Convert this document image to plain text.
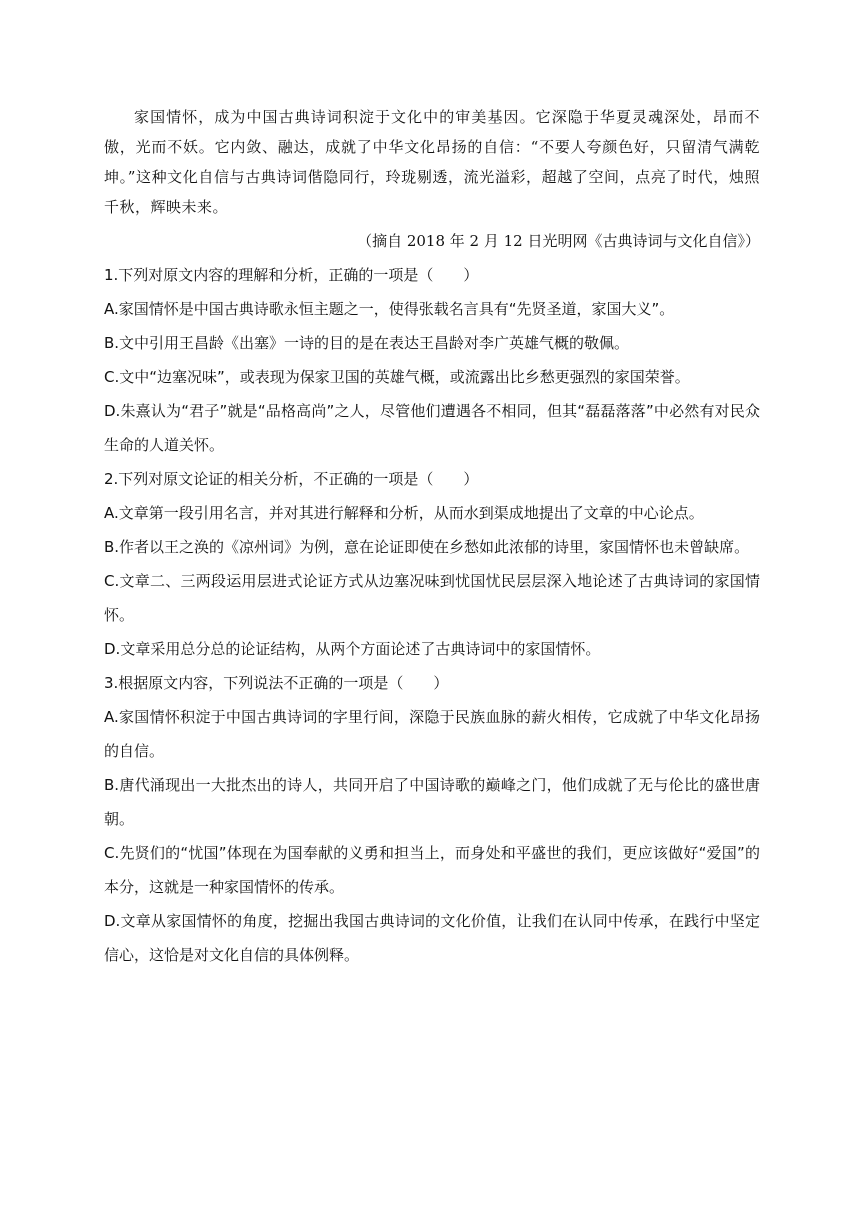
家国情怀，成为中国古典诗词积淀于文化中的审美基因。它深隐于华夏灵魂深处，昂而不傲，光而不妖。它内敛、融达，成就了中华文化昂扬的自信：“不要人夸颜色好，只留清气满乾坤。”这种文化自信与古典诗词偕隐同行，玲珑剔透，流光溢彩，超越了空间，点亮了时代，烛照千秋，辉映未来。

（摘自 2018 年 2 月 12 日光明网《古典诗词与文化自信》）

1.下列对原文内容的理解和分析，正确的一项是（　　）

A.家国情怀是中国古典诗歌永恒主题之一，使得张载名言具有“先贤圣道，家国大义”。

B.文中引用王昌龄《出塞》一诗的目的是在表达王昌龄对李广英雄气概的敬佩。

C.文中“边塞况味”，或表现为保家卫国的英雄气概，或流露出比乡愁更强烈的家国荣誉。

D.朱熹认为“君子”就是“品格高尚”之人，尽管他们遭遇各不相同，但其“磊磊落落”中必然有对民众生命的人道关怀。

2.下列对原文论证的相关分析，不正确的一项是（　　）

A.文章第一段引用名言，并对其进行解释和分析，从而水到渠成地提出了文章的中心论点。

B.作者以王之涣的《凉州词》为例，意在论证即使在乡愁如此浓郁的诗里，家国情怀也未曾缺席。

C.文章二、三两段运用层进式论证方式从边塞况味到忧国忧民层层深入地论述了古典诗词的家国情怀。

D.文章采用总分总的论证结构，从两个方面论述了古典诗词中的家国情怀。

3.根据原文内容，下列说法不正确的一项是（　　）

A.家国情怀积淀于中国古典诗词的字里行间，深隐于民族血脉的薪火相传，它成就了中华文化昂扬的自信。

B.唐代涌现出一大批杰出的诗人，共同开启了中国诗歌的巅峰之门，他们成就了无与伦比的盛世唐朝。

C.先贤们的“忧国”体现在为国奉献的义勇和担当上，而身处和平盛世的我们，更应该做好“爱国”的本分，这就是一种家国情怀的传承。

D.文章从家国情怀的角度，挖掘出我国古典诗词的文化价值，让我们在认同中传承，在践行中坚定信心，这恰是对文化自信的具体例释。
